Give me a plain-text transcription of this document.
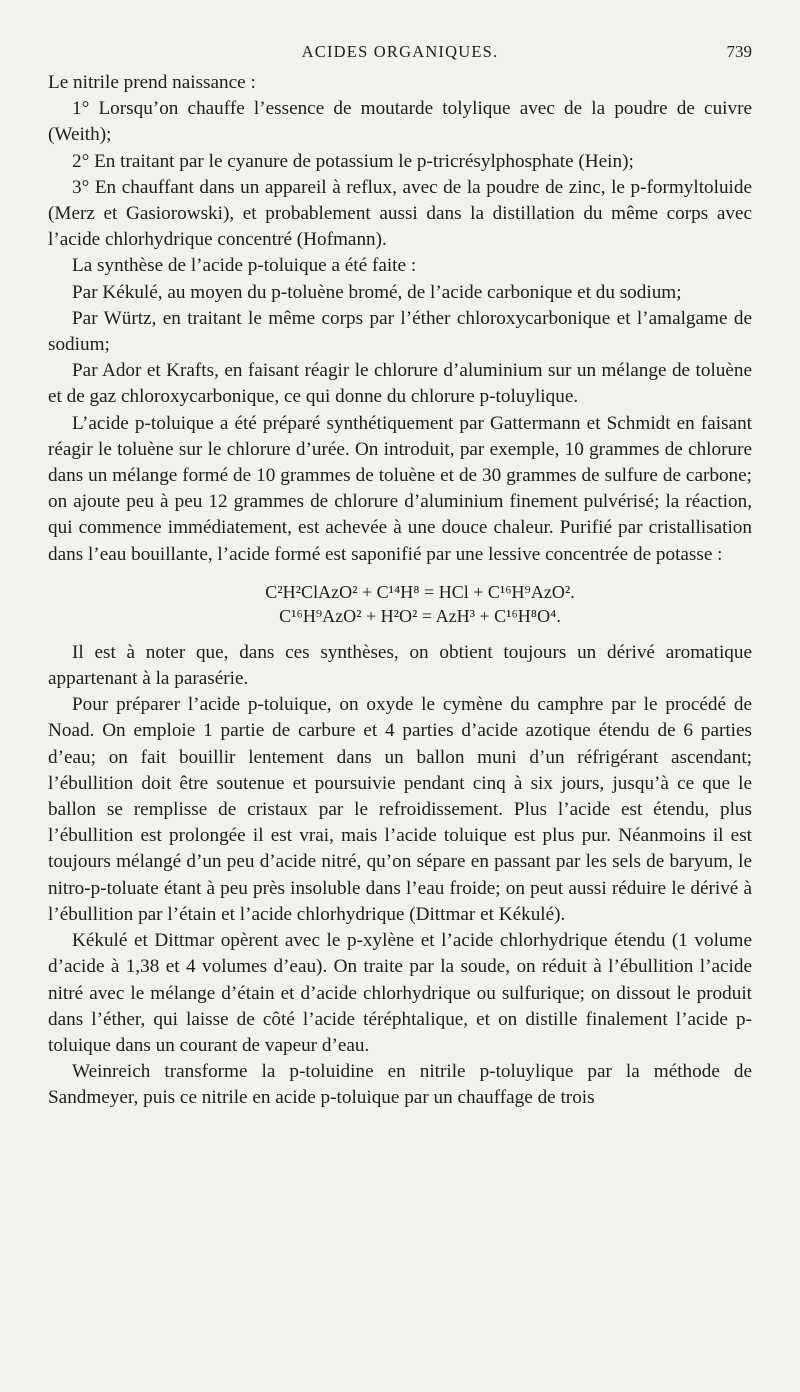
ACIDES ORGANIQUES.	739

Le nitrile prend naissance :

1° Lorsqu’on chauffe l’essence de moutarde tolylique avec de la poudre de cuivre (Weith);

2° En traitant par le cyanure de potassium le p-tricrésylphosphate (Hein);

3° En chauffant dans un appareil à reflux, avec de la poudre de zinc, le p-formyltoluide (Merz et Gasiorowski), et probablement aussi dans la distillation du même corps avec l’acide chlorhydrique concentré (Hofmann).

La synthèse de l’acide p-toluique a été faite :

Par Kékulé, au moyen du p-toluène bromé, de l’acide carbonique et du sodium;

Par Würtz, en traitant le même corps par l’éther chloroxycarbonique et l’amalgame de sodium;

Par Ador et Krafts, en faisant réagir le chlorure d’aluminium sur un mélange de toluène et de gaz chloroxycarbonique, ce qui donne du chlorure p-toluylique.

L’acide p-toluique a été préparé synthétiquement par Gattermann et Schmidt en faisant réagir le toluène sur le chlorure d’urée. On introduit, par exemple, 10 grammes de chlorure dans un mélange formé de 10 grammes de toluène et de 30 grammes de sulfure de carbone; on ajoute peu à peu 12 grammes de chlorure d’aluminium finement pulvérisé; la réaction, qui commence immédiatement, est achevée à une douce chaleur. Purifié par cristallisation dans l’eau bouillante, l’acide formé est saponifié par une lessive concentrée de potasse :

C²H²ClAzO² + C¹⁴H⁸ = HCl + C¹⁶H⁹AzO².
C¹⁶H⁹AzO² + H²O² = AzH³ + C¹⁶H⁸O⁴.

Il est à noter que, dans ces synthèses, on obtient toujours un dérivé aromatique appartenant à la parasérie.

Pour préparer l’acide p-toluique, on oxyde le cymène du camphre par le procédé de Noad. On emploie 1 partie de carbure et 4 parties d’acide azotique étendu de 6 parties d’eau; on fait bouillir lentement dans un ballon muni d’un réfrigérant ascendant; l’ébullition doit être soutenue et poursuivie pendant cinq à six jours, jusqu’à ce que le ballon se remplisse de cristaux par le refroidissement. Plus l’acide est étendu, plus l’ébullition est prolongée il est vrai, mais l’acide toluique est plus pur. Néanmoins il est toujours mélangé d’un peu d’acide nitré, qu’on sépare en passant par les sels de baryum, le nitro-p-toluate étant à peu près insoluble dans l’eau froide; on peut aussi réduire le dérivé à l’ébullition par l’étain et l’acide chlorhydrique (Dittmar et Kékulé).

Kékulé et Dittmar opèrent avec le p-xylène et l’acide chlorhydrique étendu (1 volume d’acide à 1,38 et 4 volumes d’eau). On traite par la soude, on réduit à l’ébullition l’acide nitré avec le mélange d’étain et d’acide chlorhydrique ou sulfurique; on dissout le produit dans l’éther, qui laisse de côté l’acide téréphtalique, et on distille finalement l’acide p-toluique dans un courant de vapeur d’eau.

Weinreich transforme la p-toluidine en nitrile p-toluylique par la méthode de Sandmeyer, puis ce nitrile en acide p-toluique par un chauffage de trois
